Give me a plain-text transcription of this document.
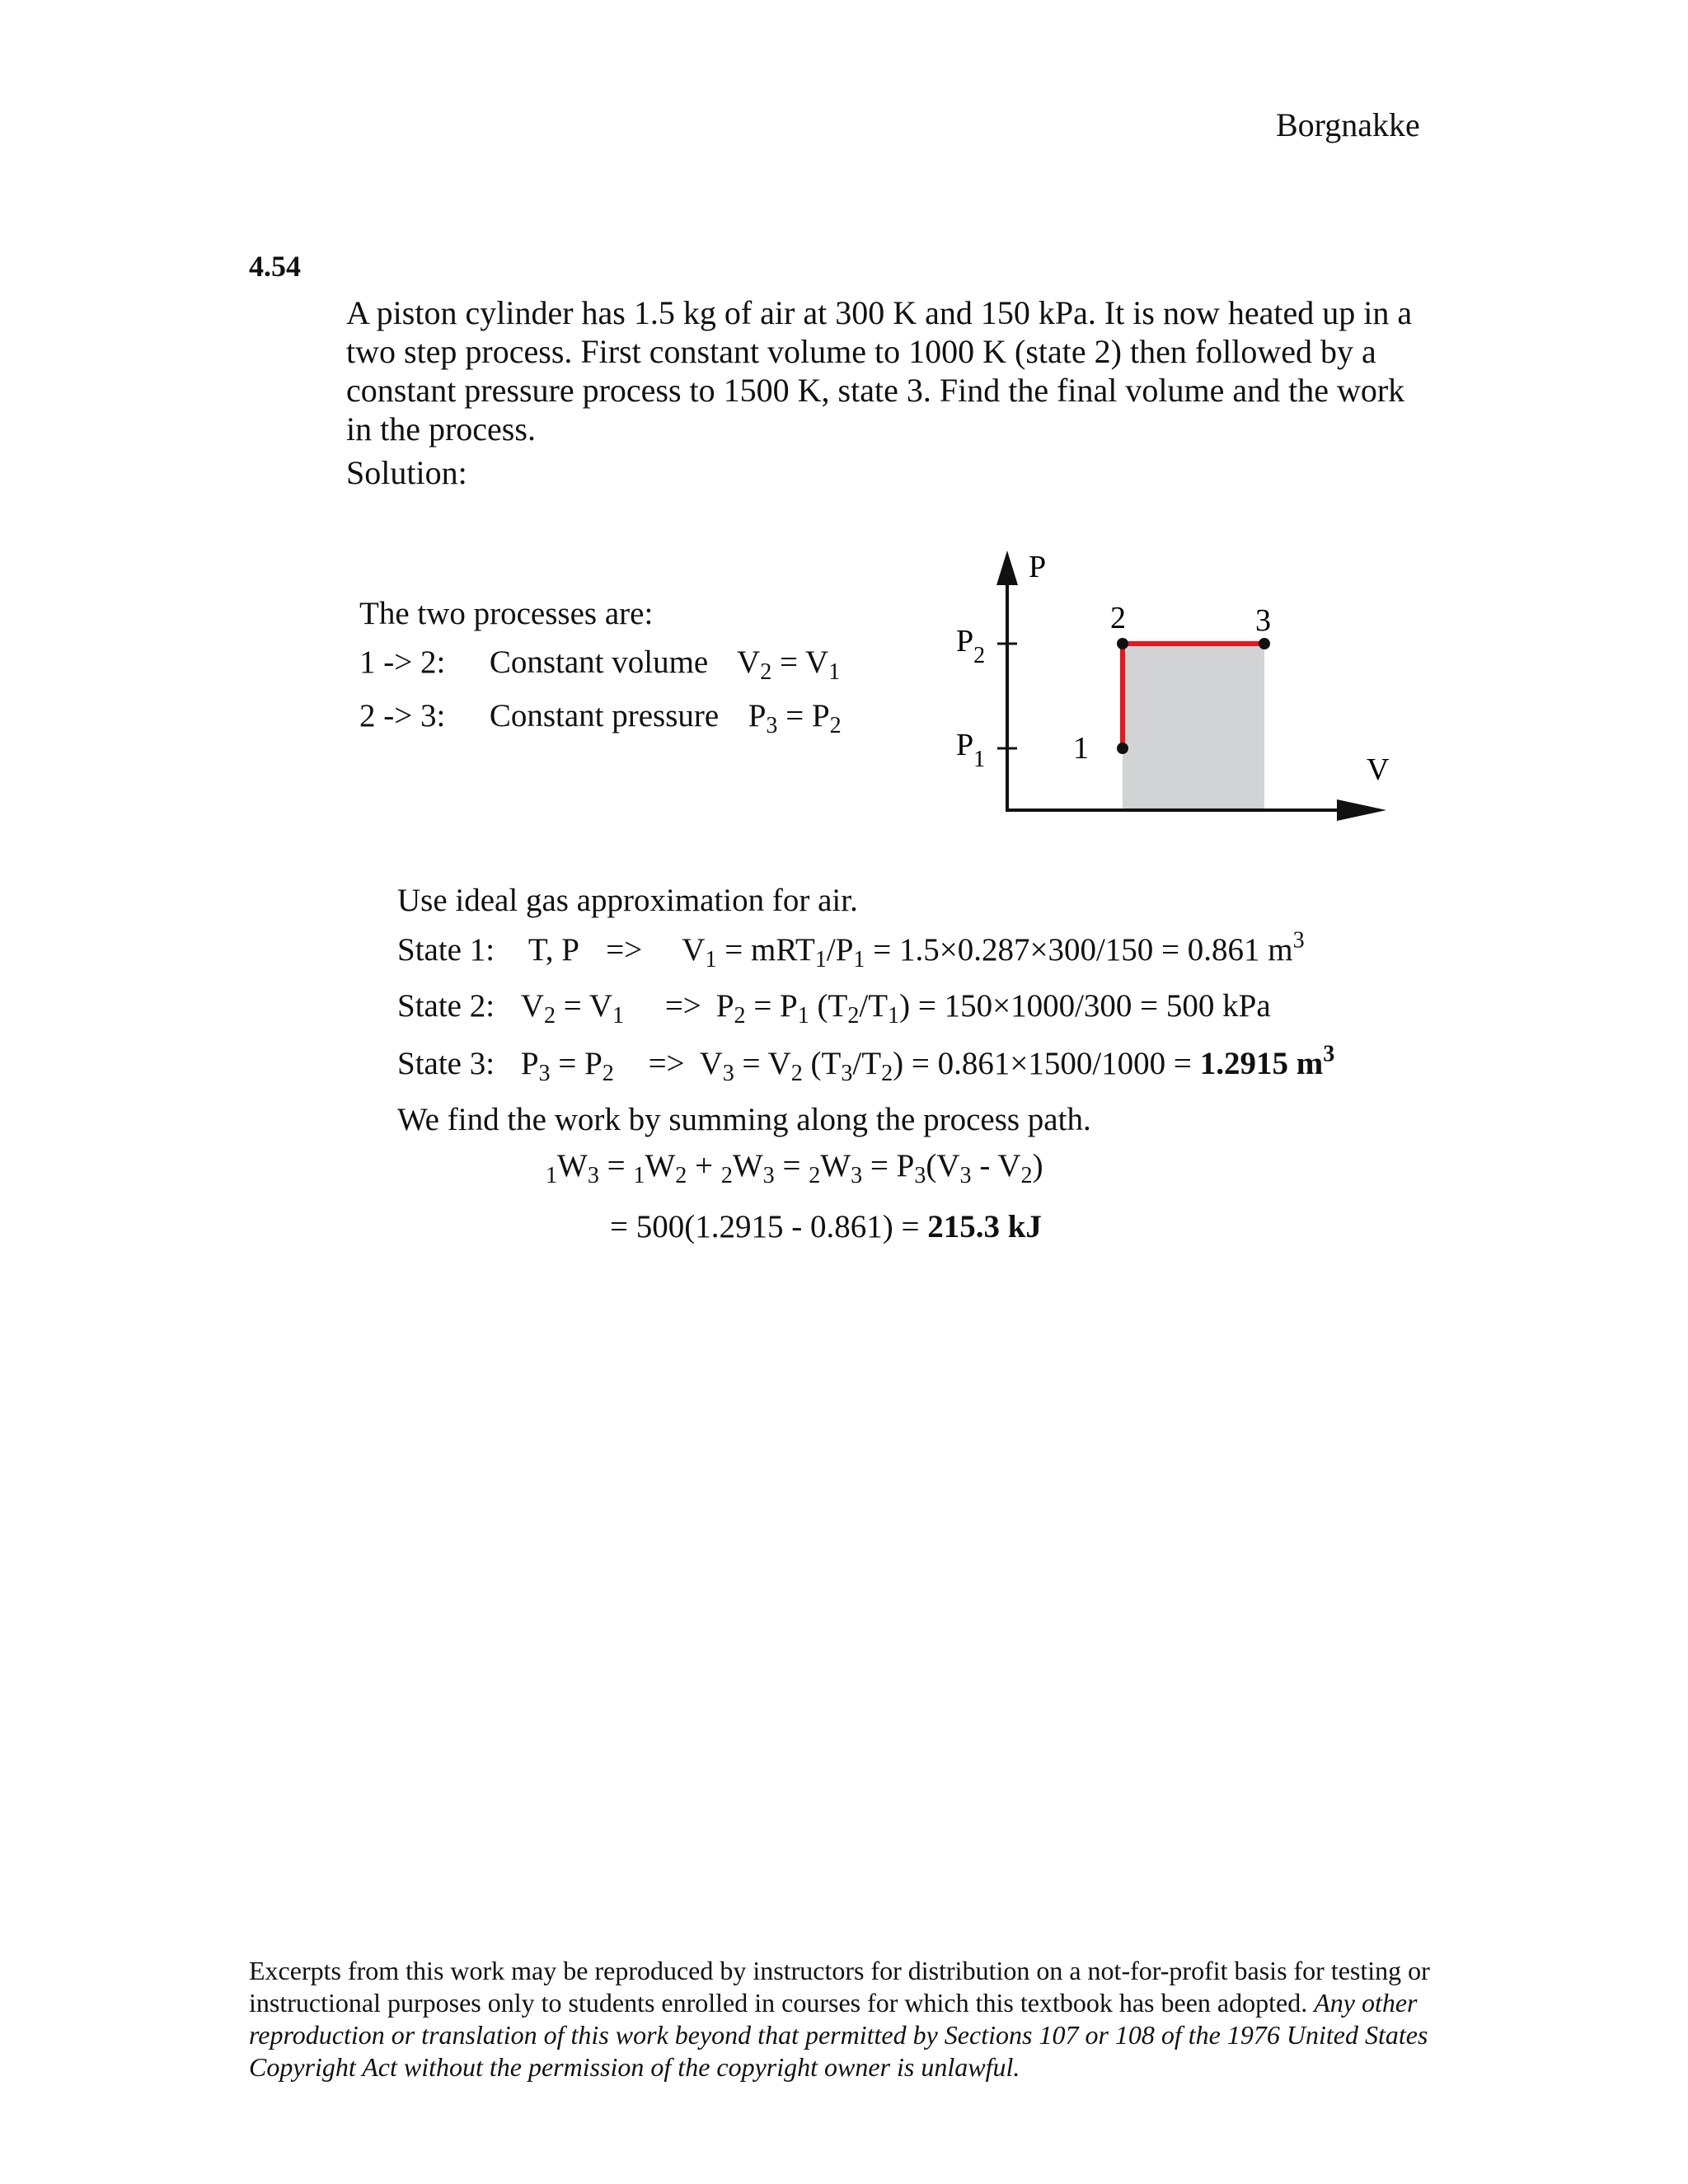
Borgnakke
4.54
A piston cylinder has 1.5 kg of air at 300 K and 150 kPa. It is now heated up in a two step process. First constant volume to 1000 K (state 2) then followed by a constant pressure process to 1500 K, state 3. Find the final volume and the work in the process.
Solution:
The two processes are:
1 -> 2: Constant volume $V_2 = V_1$
2 -> 3: Constant pressure $P_3 = P_2$
P
V
$P_2$
$P_1$	1
2	3
Use ideal gas approximation for air.
State 1: T, $P => V_1 = mRT_1/P_1 = 1.5\times 0.287\times 300/150 = 0.861$ $m^3$
State 2: $V_2 = V_1 => P_2 = P_1$ $(T_2/T_1) = 150\times 1000/300 = 500$ kPa
State 3: $P_3 = P_2 => V_3 = V_2$ $(T_3/T_2) = 0.861\times 1500/1000 = 1.2915$ $m^3$
We find the work by summing along the process path.
$_1W_3 = _1W_2 + _2W_3 = _2W_3 = P_3(V_3 - V_2)$
= 500(1.2915 - 0.861) = 215.3 kJ
Excerpts from this work may be reproduced by instructors for distribution on a not-for-profit basis for testing or instructional purposes only to students enrolled in courses for which this textbook has been adopted. Any other reproduction or translation of this work beyond that permitted by Sections 107 or 108 of the 1976 United States Copyright Act without the permission of the copyright owner is unlawful.
